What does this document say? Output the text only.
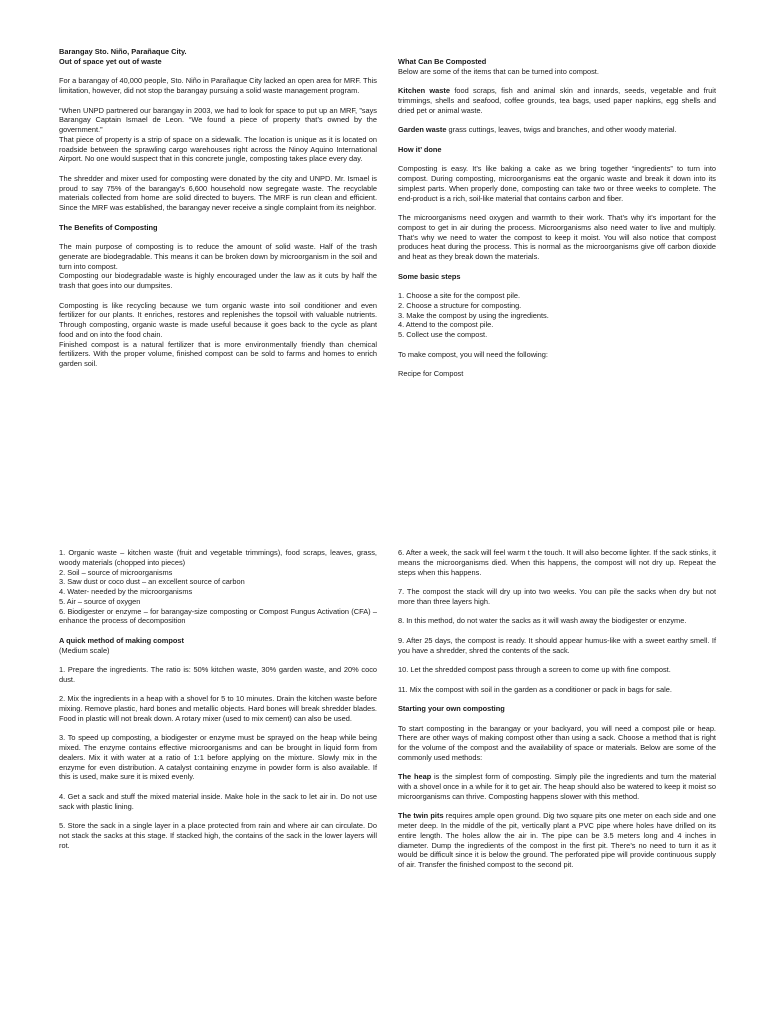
Barangay Sto. Niño, Parañaque City.

Out of space yet out of waste

For a barangay of 40,000 people, Sto. Niño in Parañaque City lacked an open area for MRF. This limitation, however, did not stop the barangay pursuing a solid waste management program.

“When UNPD partnered our barangay in 2003, we had to look for space to put up an MRF, ”says Barangay Captain Ismael de Leon. “We found a piece of property that’s owned by the government.”

That piece of property is a strip of space on a sidewalk. The location is unique as it is located on roadside between the sprawling cargo warehouses right across the Ninoy Aquino International Airport. No one would suspect that in this concrete jungle, composting takes place every day.

The shredder and mixer used for composting were donated by the city and UNPD. Mr. Ismael is proud to say 75% of the barangay’s 6,600 household now segregate waste. The recyclable materials collected from home are solid directed to buyers. The MRF is run clean and efficient. Since the MRF was established, the barangay never receive a single complaint from its neighbor.

The Benefits of Composting

The main purpose of composting is to reduce the amount of solid waste. Half of the trash generate are biodegradable. This means it can be broken down by microorganism in the soil and turn into compost.

Composting our biodegradable waste is highly encouraged under the law as it cuts by half the trash that goes into our dumpsites.

Composting is like recycling because we turn organic waste into soil conditioner and even fertilizer for our plants. It enriches, restores and replenishes the topsoil with valuable nutrients. Through composting, organic waste is made useful because it goes back to the cycle as plant food and on into the food chain.

Finished compost is a natural fertilizer that is more environmentally friendly than chemical fertilizers. With the proper volume, finished compost can be sold to farms and homes to enrich garden soil.

What Can Be Composted

Below are some of the items that can be turned into compost.

Kitchen waste food scraps, fish and animal skin and innards, seeds, vegetable and fruit trimmings, shells and seafood, coffee grounds, tea bags, used paper napkins, egg shells and dried pet or animal waste.

Garden waste grass cuttings, leaves, twigs and branches, and other woody material.

How it’ done

Composting is easy. It’s like baking a cake as we bring together “ingredients” to turn into compost. During composting, microorganisms eat the organic waste and break it down into its simplest parts. When properly done, composting can take two or three weeks to complete. The end-product is a rich, soil-like material that contains carbon and fiber.

The microorganisms need oxygen and warmth to their work. That’s why it’s important for the compost to get in air during the process. Microorganisms also need water to live and multiply. That’s why we need to water the compost to keep it moist. You will also notice that compost produces heat during the process. This is normal as the microorganisms give off carbon dioxide and heat as they break down the materials.

Some basic steps

1. Choose a site for the compost pile.
2. Choose a structure for composting.
3. Make the compost by using the ingredients.
4. Attend to the compost pile.

5. Collect use the compost.

To make compost, you will need the following:

Recipe for Compost

1. Organic waste – kitchen waste (fruit and vegetable trimmings), food scraps, leaves, grass, woody materials (chopped into pieces)
2. Soil – source of microorganisms
3. Saw dust or coco dust – an excellent source of carbon
4. Water- needed by the microorganisms
5. Air – source of oxygen

6. Biodigester or enzyme – for barangay-size composting or Compost Fungus Activation (CFA) – enhance the process of decomposition

A quick method of making compost

(Medium scale)

1. Prepare the ingredients. The ratio is: 50% kitchen waste, 30% garden waste, and 20% coco dust.

2. Mix the ingredients in a heap with a shovel for 5 to 10 minutes. Drain the kitchen waste before mixing. Remove plastic, hard bones and metallic objects. Hard bones will break shredder blades. Food in plastic will not break down. A rotary mixer (used to mix cement) can also be used.

3. To speed up composting, a biodigester or enzyme must be sprayed on the heap while being mixed. The enzyme contains effective microorganisms and can be brought in liquid form from dealers. Mix it with water at a ratio of 1:1 before applying on the mixture. Slowly mix in the enzyme for even distribution. A catalyst containing enzyme in powder form is also available. If this is used, make sure it is mixed evenly.

4. Get a sack and stuff the mixed material inside. Make hole in the sack to let air in. Do not use sack with plastic lining.

5. Store the sack in a single layer in a place protected from rain and where air can circulate. Do not stack the sacks at this stage. If stacked high, the contains of the sack in the lower layers will rot.

6. After a week, the sack will feel warm t the touch. It will also become lighter. If the sack stinks, it means the microorganisms died. When this happens, the compost will not dry up. Repeat the steps when this happens.

7. The compost the stack will dry up into two weeks. You can pile the sacks when dry but not more than three layers high.

8. In this method, do not water the sacks as it will wash away the biodigester or enzyme.

9. After 25 days, the compost is ready. It should appear humus-like with a sweet earthy smell. If you have a shredder, shred the contents of the sack.

10. Let the shredded compost pass through a screen to come up with fine compost.

11. Mix the compost with soil in the garden as a conditioner or pack in bags for sale.

Starting your own composting

To start composting in the barangay or your backyard, you will need a compost pile or heap. There are other ways of making compost other than using a sack. Choose a method that is right for the volume of the compost and the availability of space or materials. Below are some of the commonly used methods:

The heap is the simplest form of composting. Simply pile the ingredients and turn the material with a shovel once in a while for it to get air. The heap should also be watered to keep it moist so microorganisms can thrive. Composting happens slower with this method.

The twin pits requires ample open ground. Dig two square pits one meter on each side and one meter deep. In the middle of the pit, vertically plant a PVC pipe where holes have drilled on its entire length. The holes allow the air in. The pipe can be 3.5 meters long and 4 inches in diameter. Dump the ingredients of the compost in the first pit. There’s no need to turn it as it would be difficult since it is below the ground. The perforated pipe will provide continuous supply of air. Transfer the finished compost to the second pit.
